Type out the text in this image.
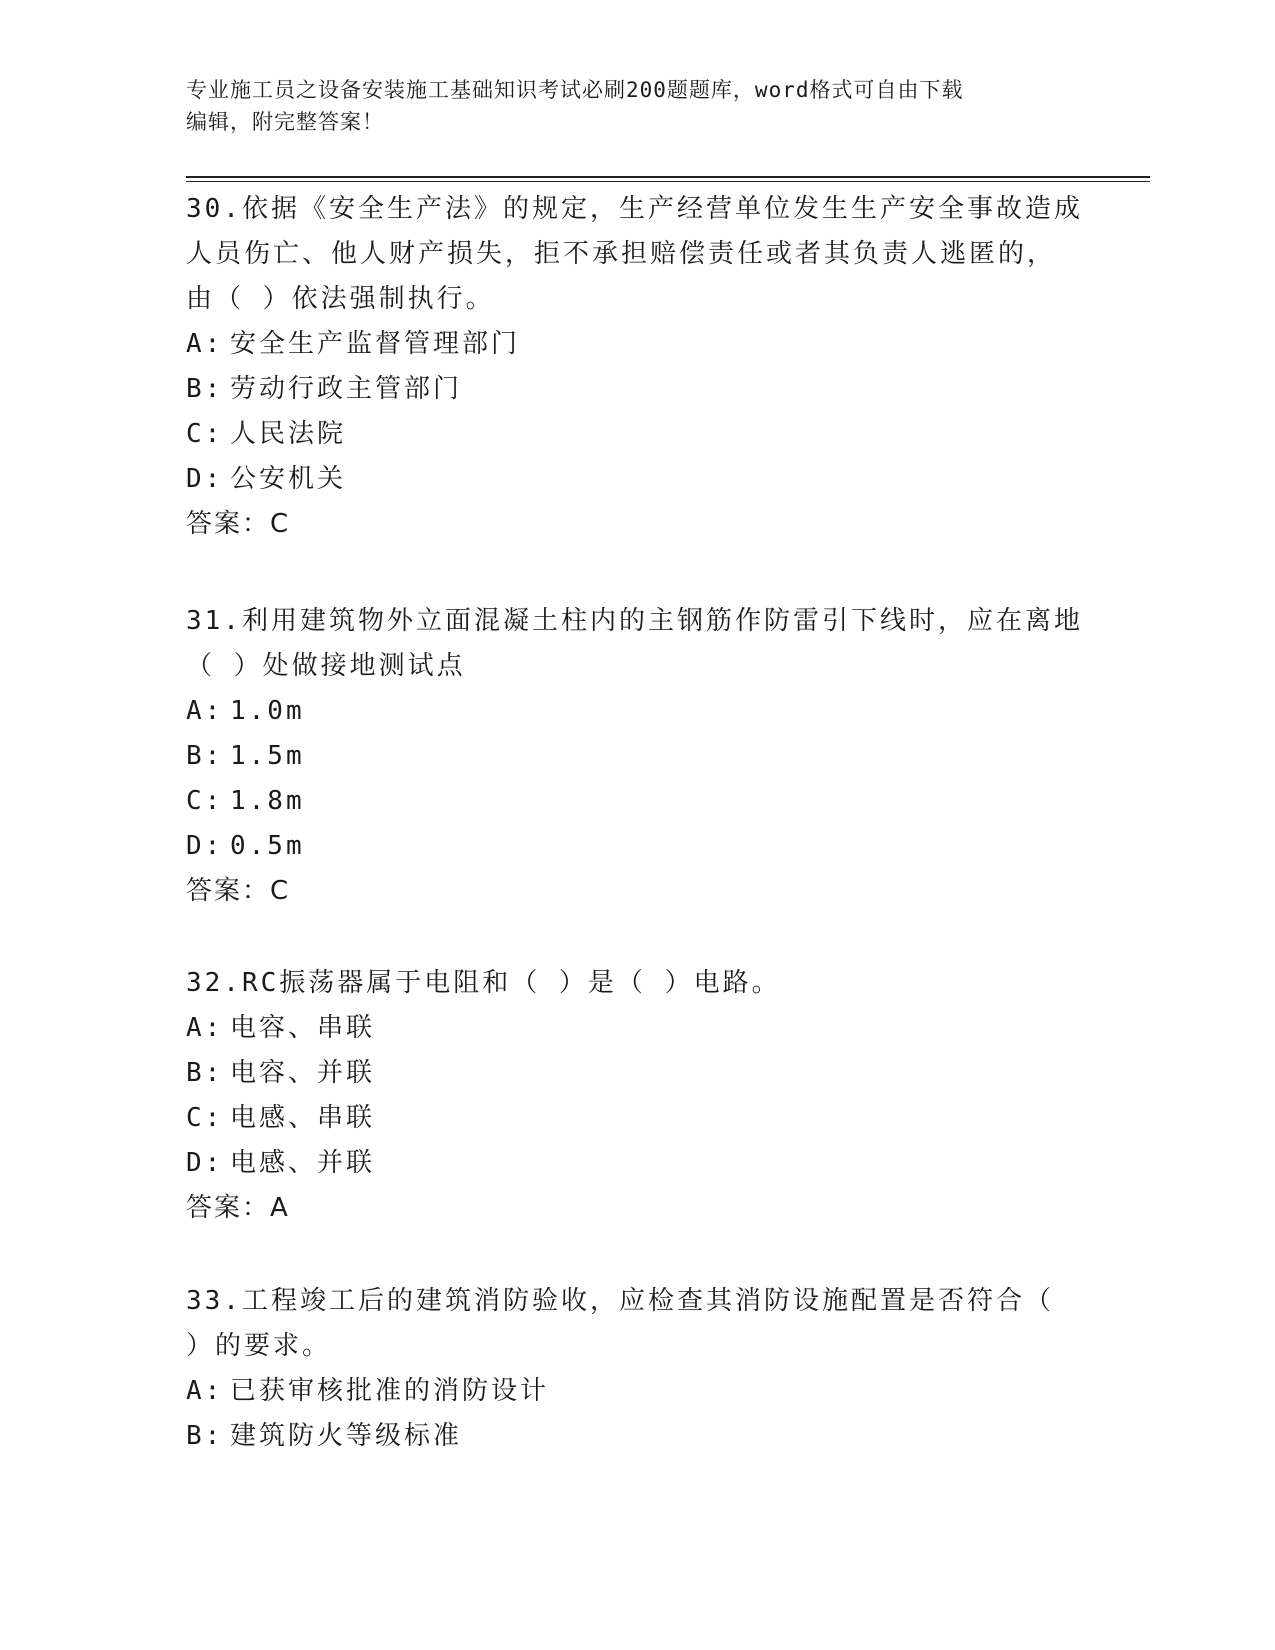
专业施工员之设备安装施工基础知识考试必刷200题题库，word格式可自由下载
编辑，附完整答案！
30.依据《安全生产法》的规定，生产经营单位发生生产安全事故造成
人员伤亡、他人财产损失，拒不承担赔偿责任或者其负责人逃匿的，
由（ ）依法强制执行。
A: 安全生产监督管理部门
B: 劳动行政主管部门
C: 人民法院
D: 公安机关
答案：C
31.利用建筑物外立面混凝土柱内的主钢筋作防雷引下线时，应在离地
（ ）处做接地测试点
A: 1.0m
B: 1.5m
C: 1.8m
D: 0.5m
答案：C
32.RC振荡器属于电阻和（ ）是（ ）电路。
A: 电容、串联
B: 电容、并联
C: 电感、串联
D: 电感、并联
答案：A
33.工程竣工后的建筑消防验收，应检查其消防设施配置是否符合（
）的要求。
A: 已获审核批准的消防设计
B: 建筑防火等级标准
